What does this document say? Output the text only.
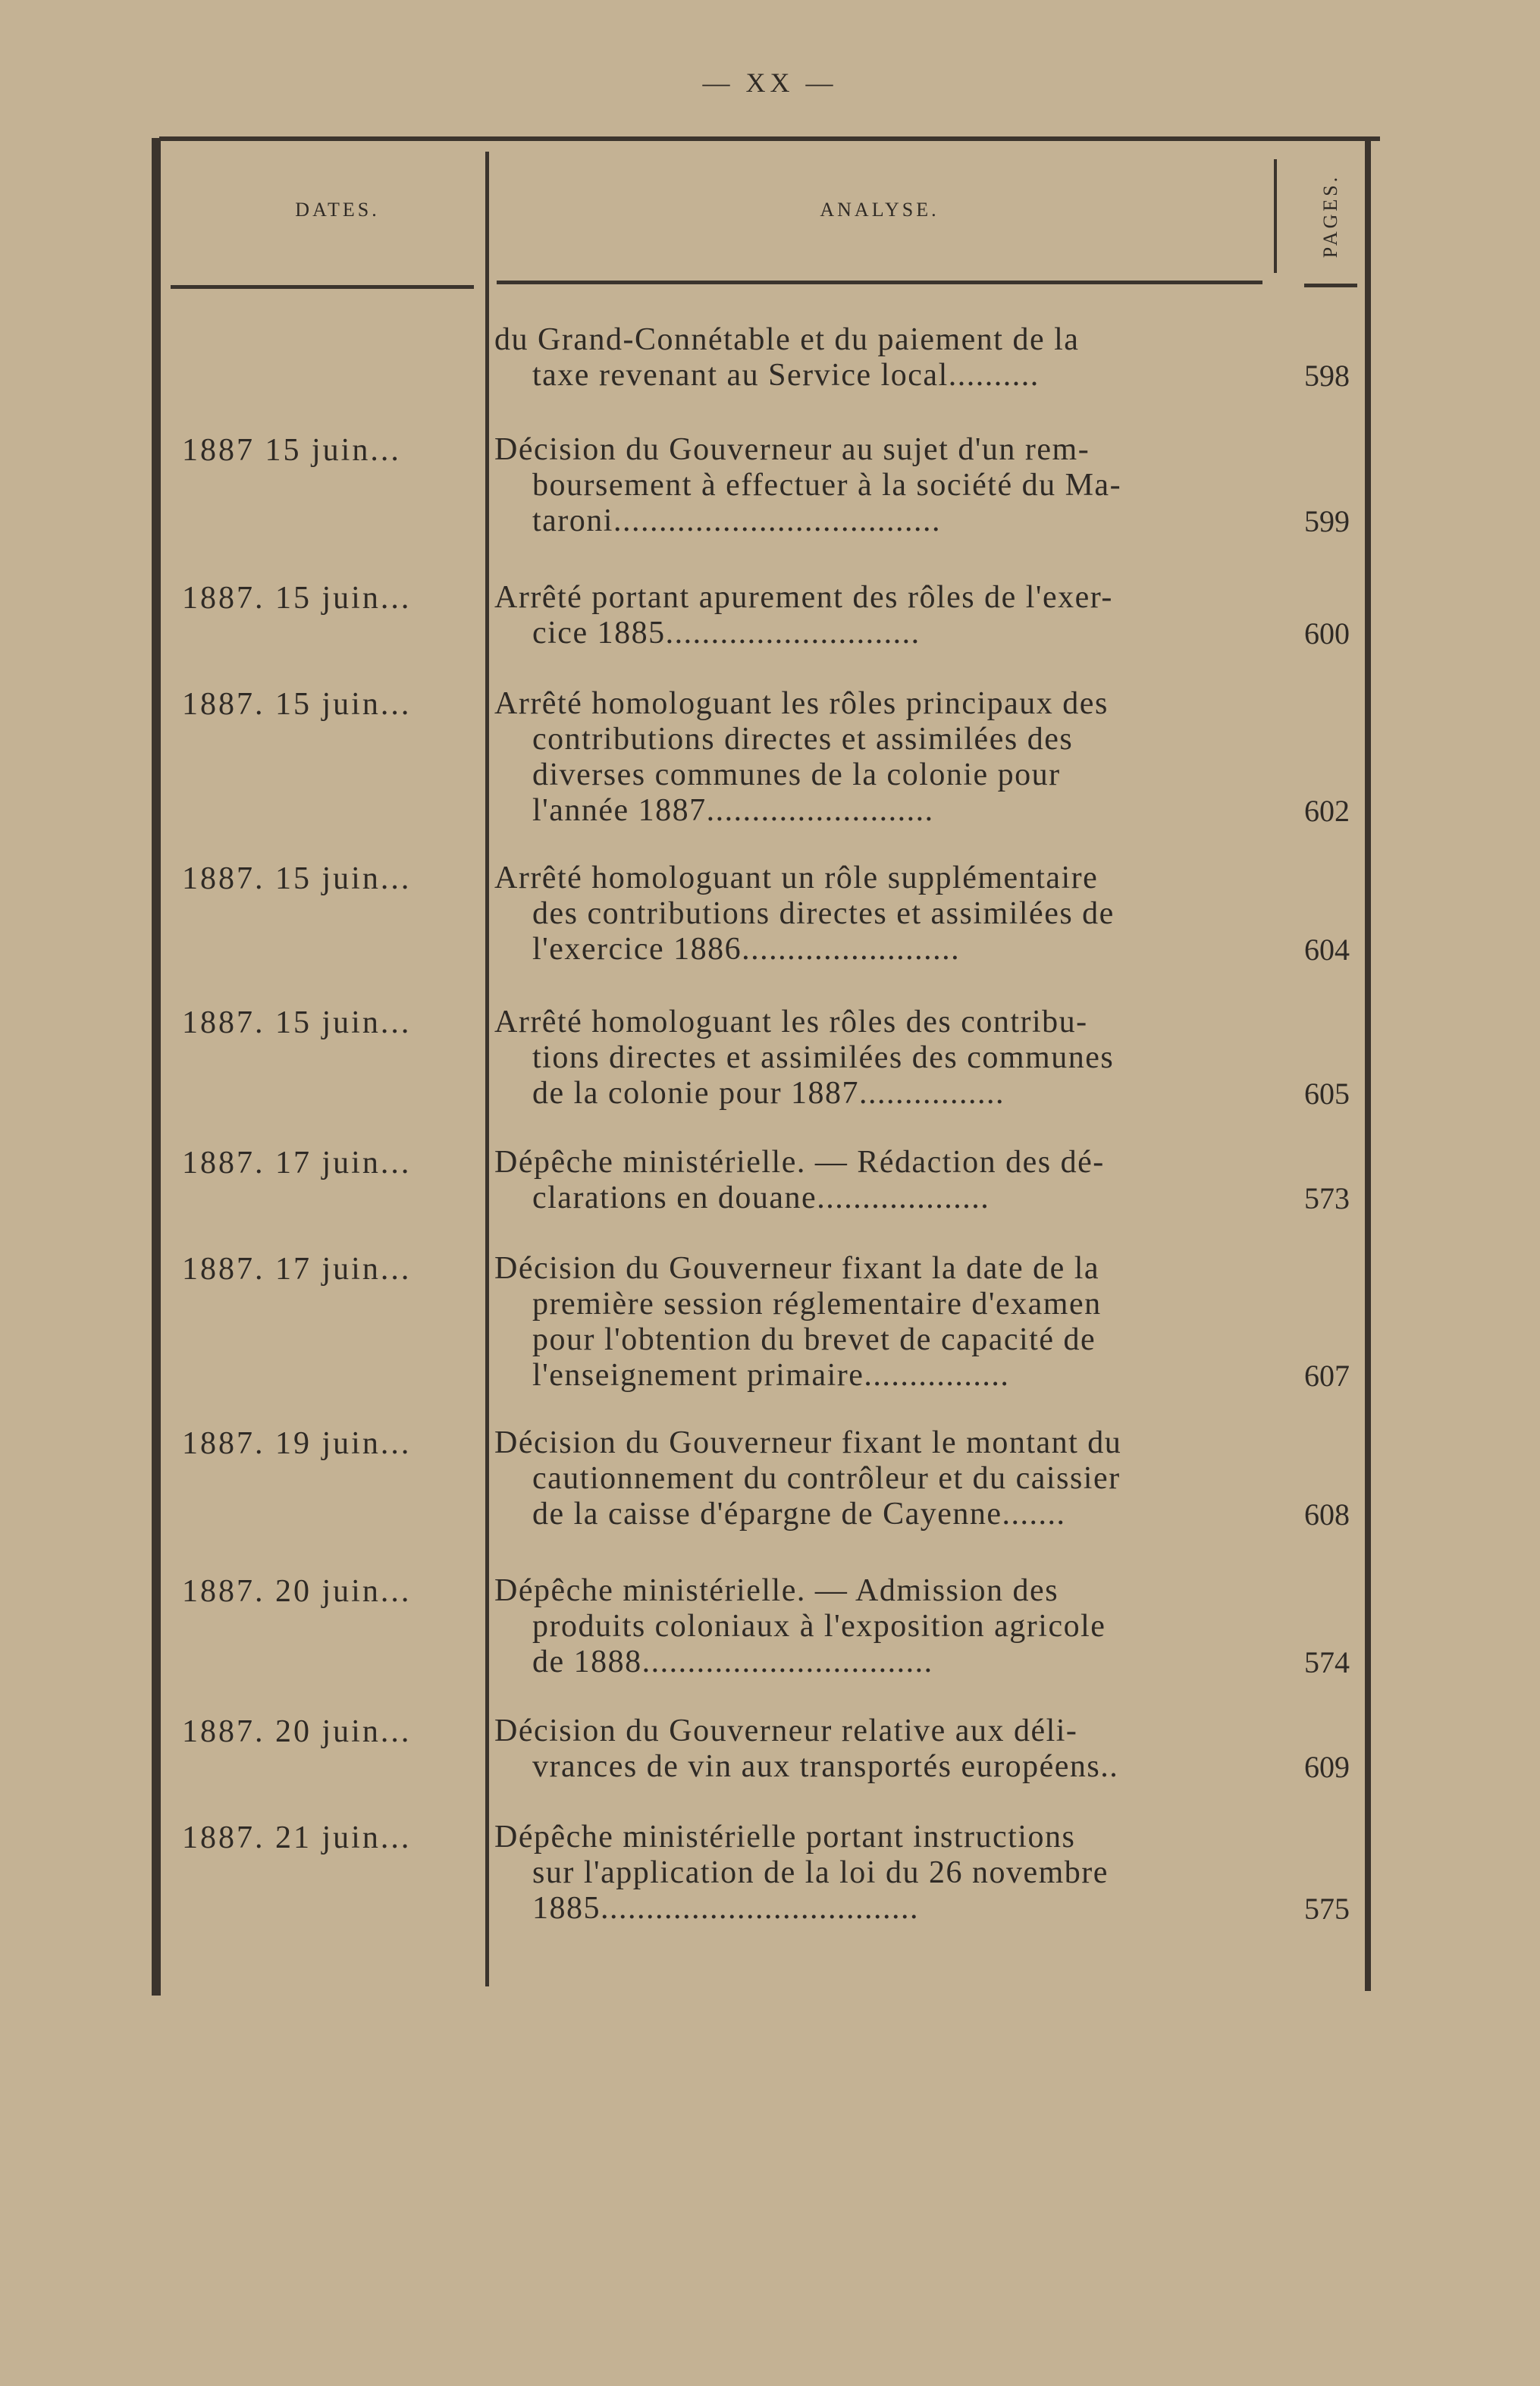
— XX —
DATES.	ANALYSE.	PAGES.
du Grand-Connétable et du paiement de la
taxe revenant au Service local..........	598
1887 15 juin...	Décision du Gouverneur au sujet d'un rem-
boursement à effectuer à la société du Ma-
taroni....................................	599
1887. 15 juin...	Arrêté portant apurement des rôles de l'exer-
cice 1885............................	600
1887. 15 juin...	Arrêté homologuant les rôles principaux des
contributions directes et assimilées des
diverses communes de la colonie pour
l'année 1887.........................	602
1887. 15 juin...	Arrêté homologuant un rôle supplémentaire
des contributions directes et assimilées de
l'exercice 1886........................	604
1887. 15 juin...	Arrêté homologuant les rôles des contribu-
tions directes et assimilées des communes
de la colonie pour 1887................	605
1887. 17 juin...	Dépêche ministérielle. — Rédaction des dé-
clarations en douane...................	573
1887. 17 juin...	Décision du Gouverneur fixant la date de la
première session réglementaire d'examen
pour l'obtention du brevet de capacité de
l'enseignement primaire................	607
1887. 19 juin...	Décision du Gouverneur fixant le montant du
cautionnement du contrôleur et du caissier
de la caisse d'épargne de Cayenne.......	608
1887. 20 juin...	Dépêche ministérielle. — Admission des
produits coloniaux à l'exposition agricole
de 1888................................	574
1887. 20 juin...	Décision du Gouverneur relative aux déli-
vrances de vin aux transportés européens..	609
1887. 21 juin...	Dépêche ministérielle portant instructions
sur l'application de la loi du 26 novembre
1885...................................	575
